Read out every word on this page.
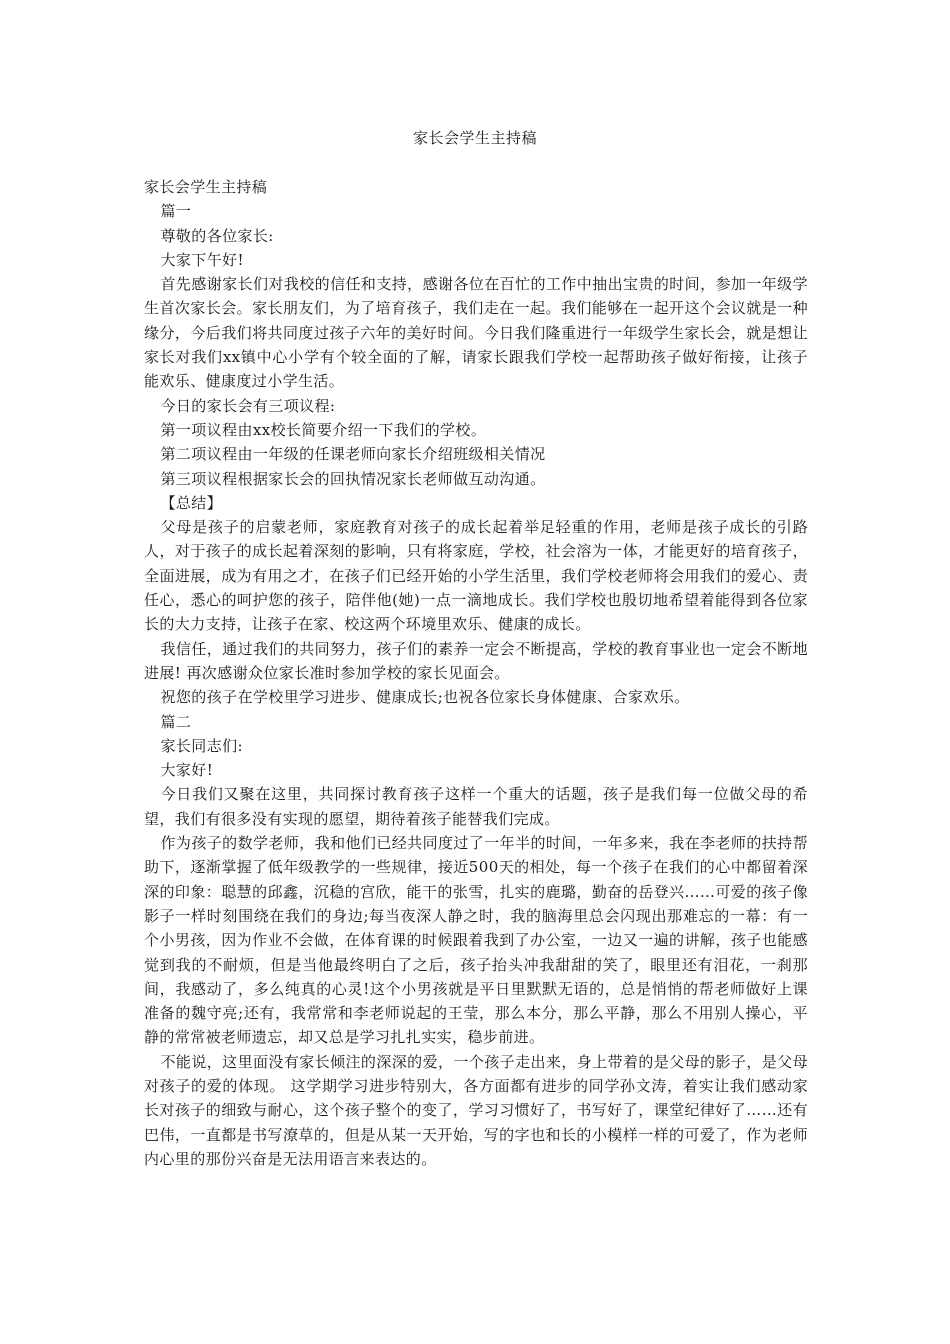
家长会学生主持稿

家长会学生主持稿

篇一

尊敬的各位家长:

大家下午好!

首先感谢家长们对我校的信任和支持，感谢各位在百忙的工作中抽出宝贵的时间，参加一年级学生首次家长会。家长朋友们，为了培育孩子，我们走在一起。我们能够在一起开这个会议就是一种缘分，今后我们将共同度过孩子六年的美好时间。今日我们隆重进行一年级学生家长会，就是想让家长对我们xx镇中心小学有个较全面的了解，请家长跟我们学校一起帮助孩子做好衔接，让孩子能欢乐、健康度过小学生活。

今日的家长会有三项议程:

第一项议程由xx校长简要介绍一下我们的学校。

第二项议程由一年级的任课老师向家长介绍班级相关情况

第三项议程根据家长会的回执情况家长老师做互动沟通。

【总结】

父母是孩子的启蒙老师，家庭教育对孩子的成长起着举足轻重的作用，老师是孩子成长的引路人，对于孩子的成长起着深刻的影响，只有将家庭，学校，社会溶为一体，才能更好的培育孩子，全面进展，成为有用之才，在孩子们已经开始的小学生活里，我们学校老师将会用我们的爱心、责任心，悉心的呵护您的孩子，陪伴他(她)一点一滴地成长。我们学校也殷切地希望着能得到各位家长的大力支持，让孩子在家、校这两个环境里欢乐、健康的成长。

我信任，通过我们的共同努力，孩子们的素养一定会不断提高，学校的教育事业也一定会不断地进展! 再次感谢众位家长准时参加学校的家长见面会。

祝您的孩子在学校里学习进步、健康成长;也祝各位家长身体健康、合家欢乐。

篇二

家长同志们:

大家好!

今日我们又聚在这里，共同探讨教育孩子这样一个重大的话题，孩子是我们每一位做父母的希望，我们有很多没有实现的愿望，期待着孩子能替我们完成。

作为孩子的数学老师，我和他们已经共同度过了一年半的时间，一年多来，我在李老师的扶持帮助下，逐渐掌握了低年级教学的一些规律，接近500天的相处，每一个孩子在我们的心中都留着深深的印象：聪慧的邱鑫，沉稳的宫欣，能干的张雪，扎实的鹿璐，勤奋的岳登兴……可爱的孩子像影子一样时刻围绕在我们的身边;每当夜深人静之时，我的脑海里总会闪现出那难忘的一幕：有一个小男孩，因为作业不会做，在体育课的时候跟着我到了办公室，一边又一遍的讲解，孩子也能感觉到我的不耐烦，但是当他最终明白了之后，孩子抬头冲我甜甜的笑了，眼里还有泪花，一刹那间，我感动了，多么纯真的心灵!这个小男孩就是平日里默默无语的，总是悄悄的帮老师做好上课准备的魏守亮;还有，我常常和李老师说起的王莹，那么本分，那么平静，那么不用别人操心，平静的常常被老师遗忘，却又总是学习扎扎实实，稳步前进。

不能说，这里面没有家长倾注的深深的爱，一个孩子走出来，身上带着的是父母的影子，是父母对孩子的爱的体现。 这学期学习进步特别大，各方面都有进步的同学孙文涛，着实让我们感动家长对孩子的细致与耐心，这个孩子整个的变了，学习习惯好了，书写好了，课堂纪律好了……还有巴伟，一直都是书写潦草的，但是从某一天开始，写的字也和长的小模样一样的可爱了，作为老师内心里的那份兴奋是无法用语言来表达的。
